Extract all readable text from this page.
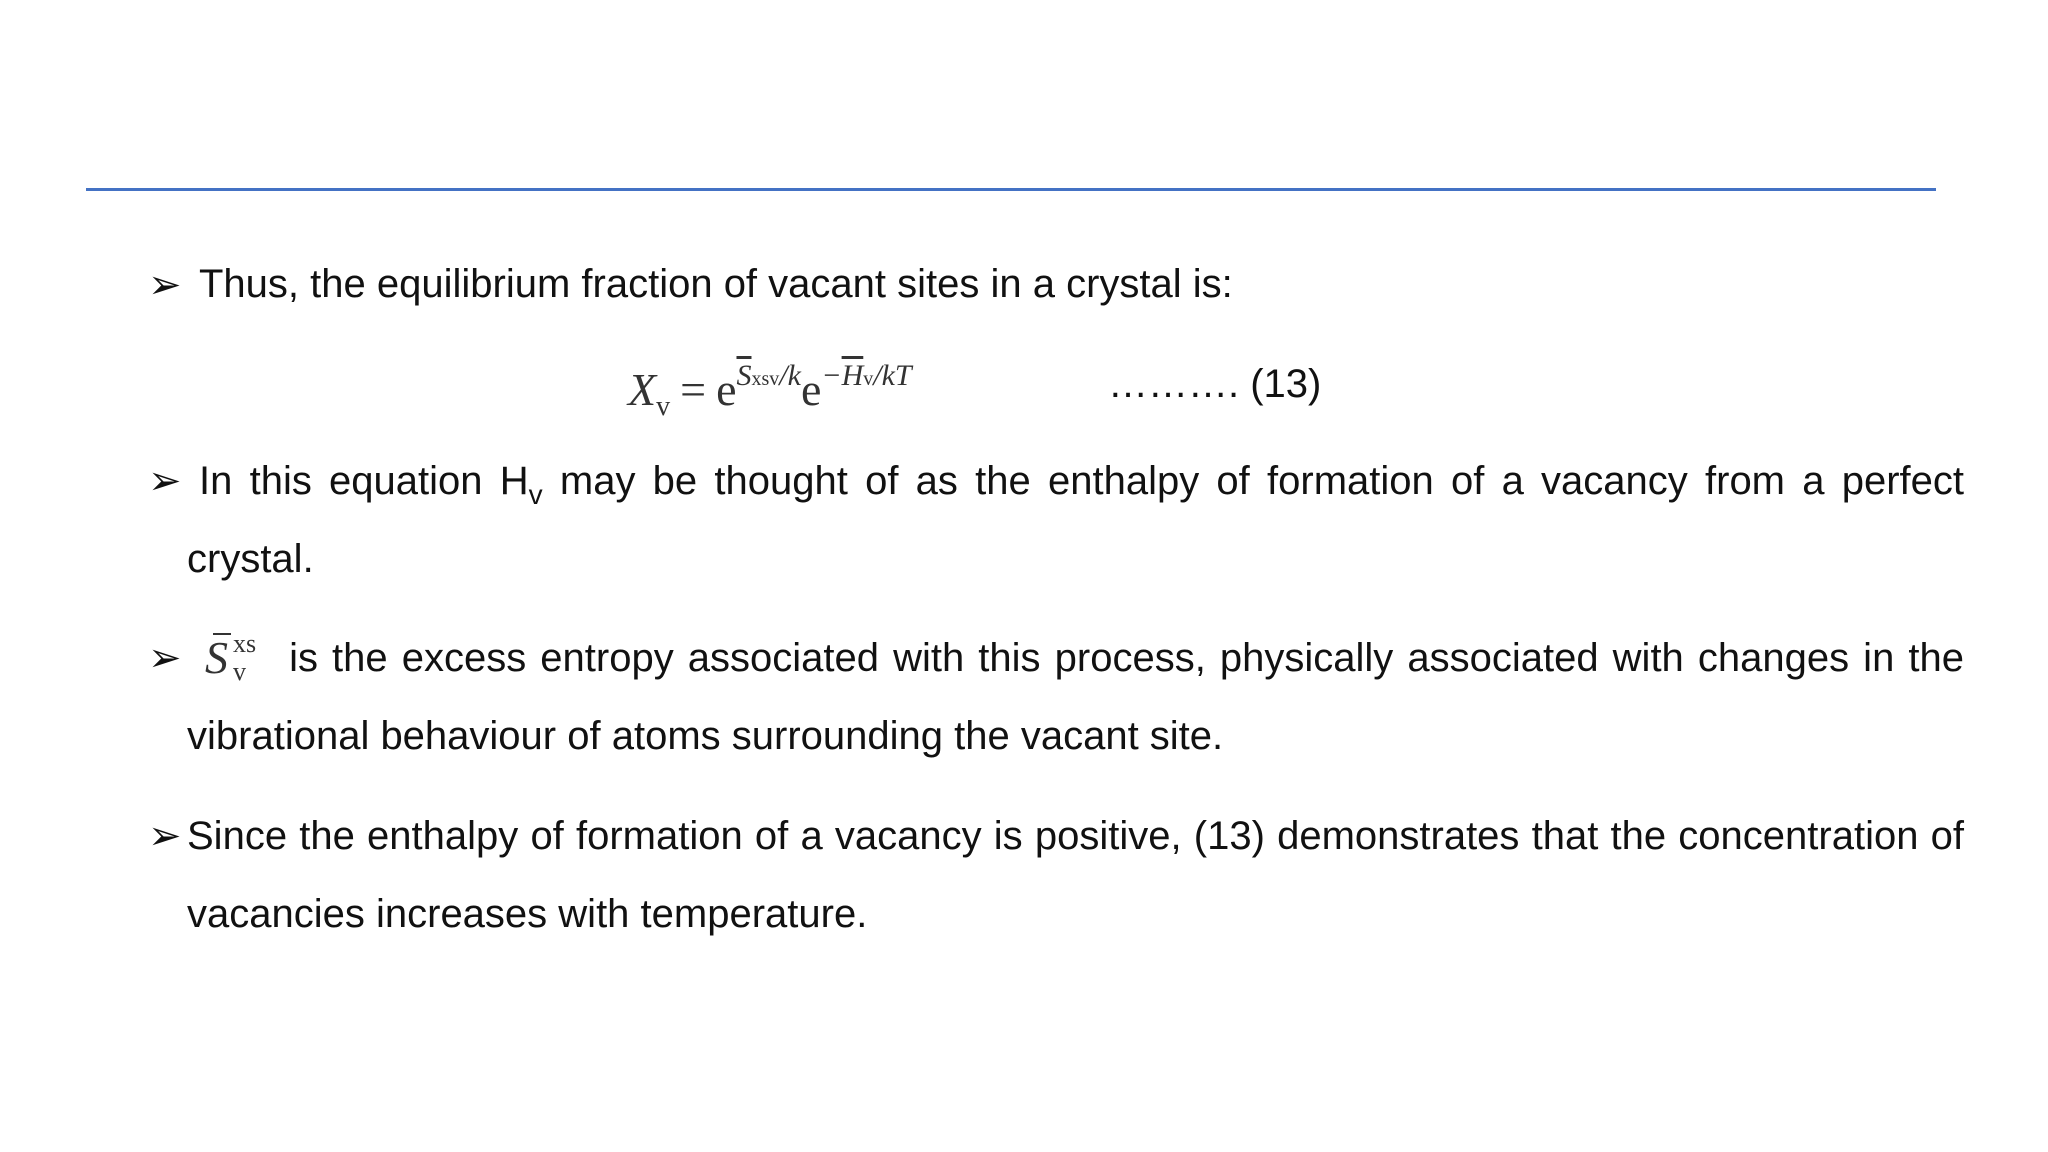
➢ Thus, the equilibrium fraction of vacant sites in a crystal is:
$X_v = e^{\overline{S}xsv/k}e^{-\overline{H}v/kT}$	………. (13)
➢ In this equation $H_v$ may be thought of as the enthalpy of formation of a vacancy from a perfect crystal.
➢ S xs
v is the excess entropy associated with this process, physically associated with changes in the vibrational behaviour of atoms surrounding the vacant site.
➢ Since the enthalpy of formation of a vacancy is positive, (13) demonstrates that the concentration of vacancies increases with temperature.
